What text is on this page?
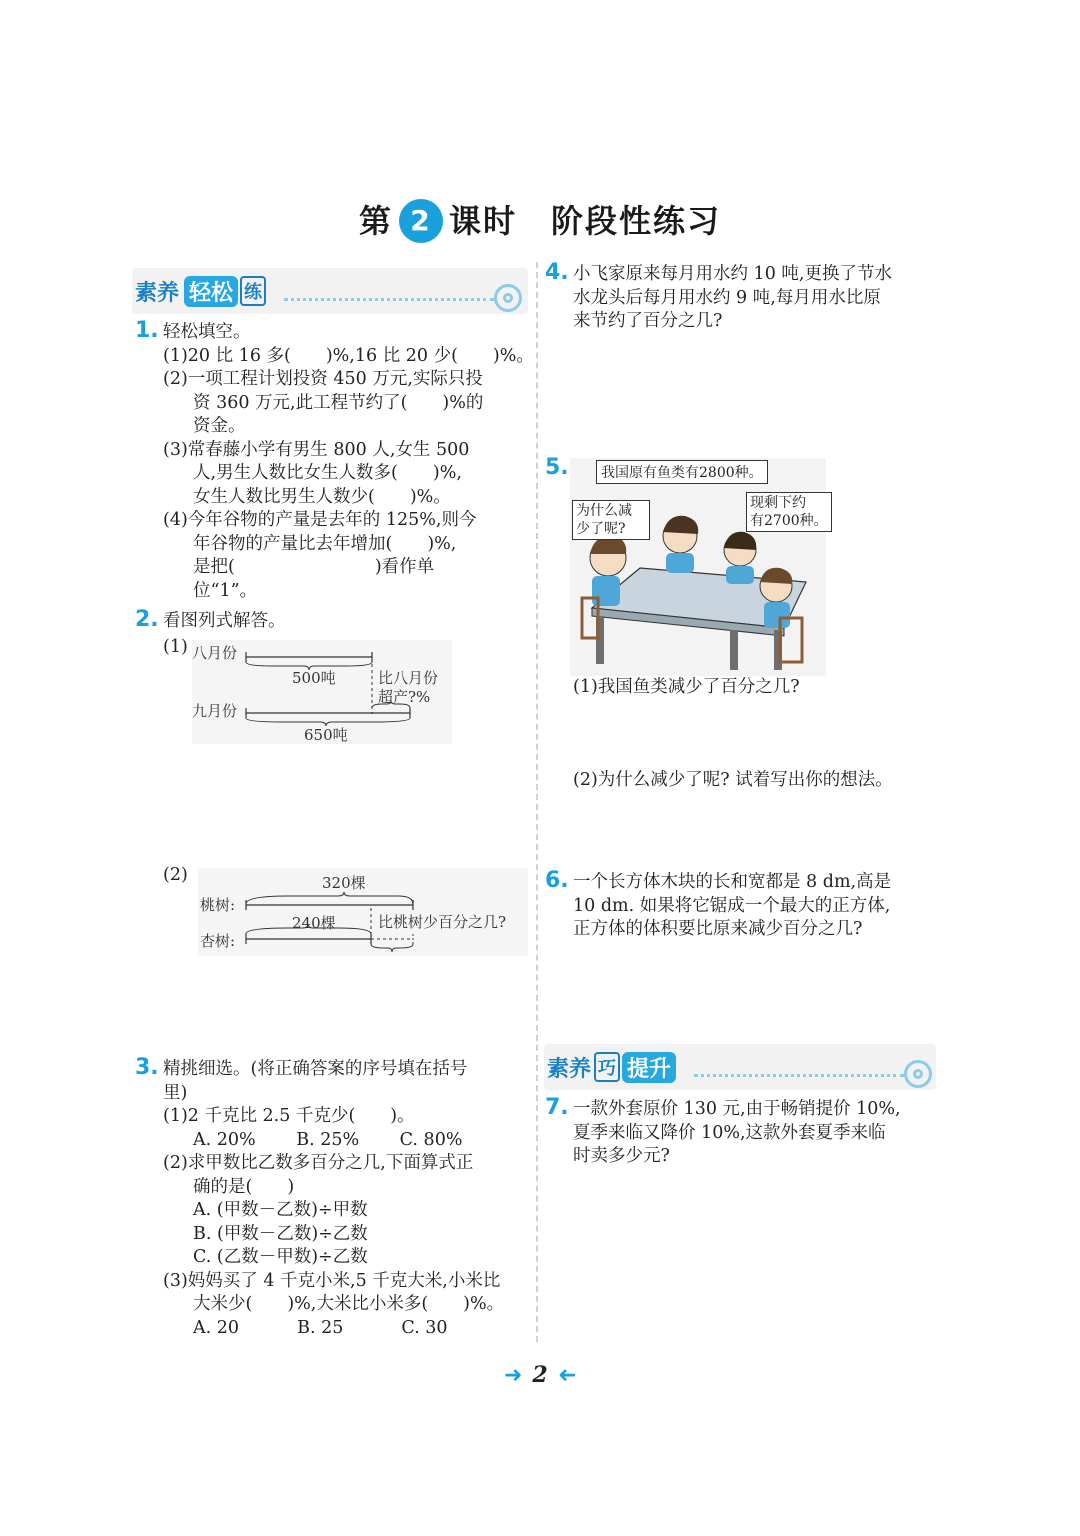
第 2 课时 阶段性练习
素养 轻松 练
1. 轻松填空。
(1)20 比 16 多(　　)%,16 比 20 少(　　)%。
(2)一项工程计划投资 450 万元,实际只投
资 360 万元,此工程节约了(　　)%的
资金。
(3)常春藤小学有男生 800 人,女生 500
人,男生人数比女生人数多(　　)%,
女生人数比男生人数少(　　)%。
(4)今年谷物的产量是去年的 125%,则今
年谷物的产量比去年增加(　　)%,
是把(　　　　　　　　)看作单
位“1”。
2. 看图列式解答。
(1) 八月份
500吨	比八月份
超产?%
九月份
650吨
(2)	320棵
桃树:
240棵	比桃树少百分之几?
杏树:
3. 精挑细选。(将正确答案的序号填在括号
里)
(1)2 千克比 2.5 千克少(　　)。
A. 20%　　 B. 25%　　 C. 80%
(2)求甲数比乙数多百分之几,下面算式正
确的是(　　)
A. (甲数－乙数)÷甲数
B. (甲数－乙数)÷乙数
C. (乙数－甲数)÷乙数
(3)妈妈买了 4 千克小米,5 千克大米,小米比
大米少(　　)%,大米比小米多(　　)%。
A. 20　　　 B. 25　　　 C. 30
4. 小飞家原来每月用水约 10 吨,更换了节水
水龙头后每月用水约 9 吨,每月用水比原
来节约了百分之几?
5.	我国原有鱼类有2800种。
为什么减
少了呢?
现剩下约
有2700种。
(1)我国鱼类减少了百分之几?
(2)为什么减少了呢? 试着写出你的想法。
6. 一个长方体木块的长和宽都是 8 dm,高是
10 dm. 如果将它锯成一个最大的正方体,
正方体的体积要比原来减少百分之几?
素养 巧 提升
7. 一款外套原价 130 元,由于畅销提价 10%,
夏季来临又降价 10%,这款外套夏季来临
时卖多少元?
➜ 2 ➜
